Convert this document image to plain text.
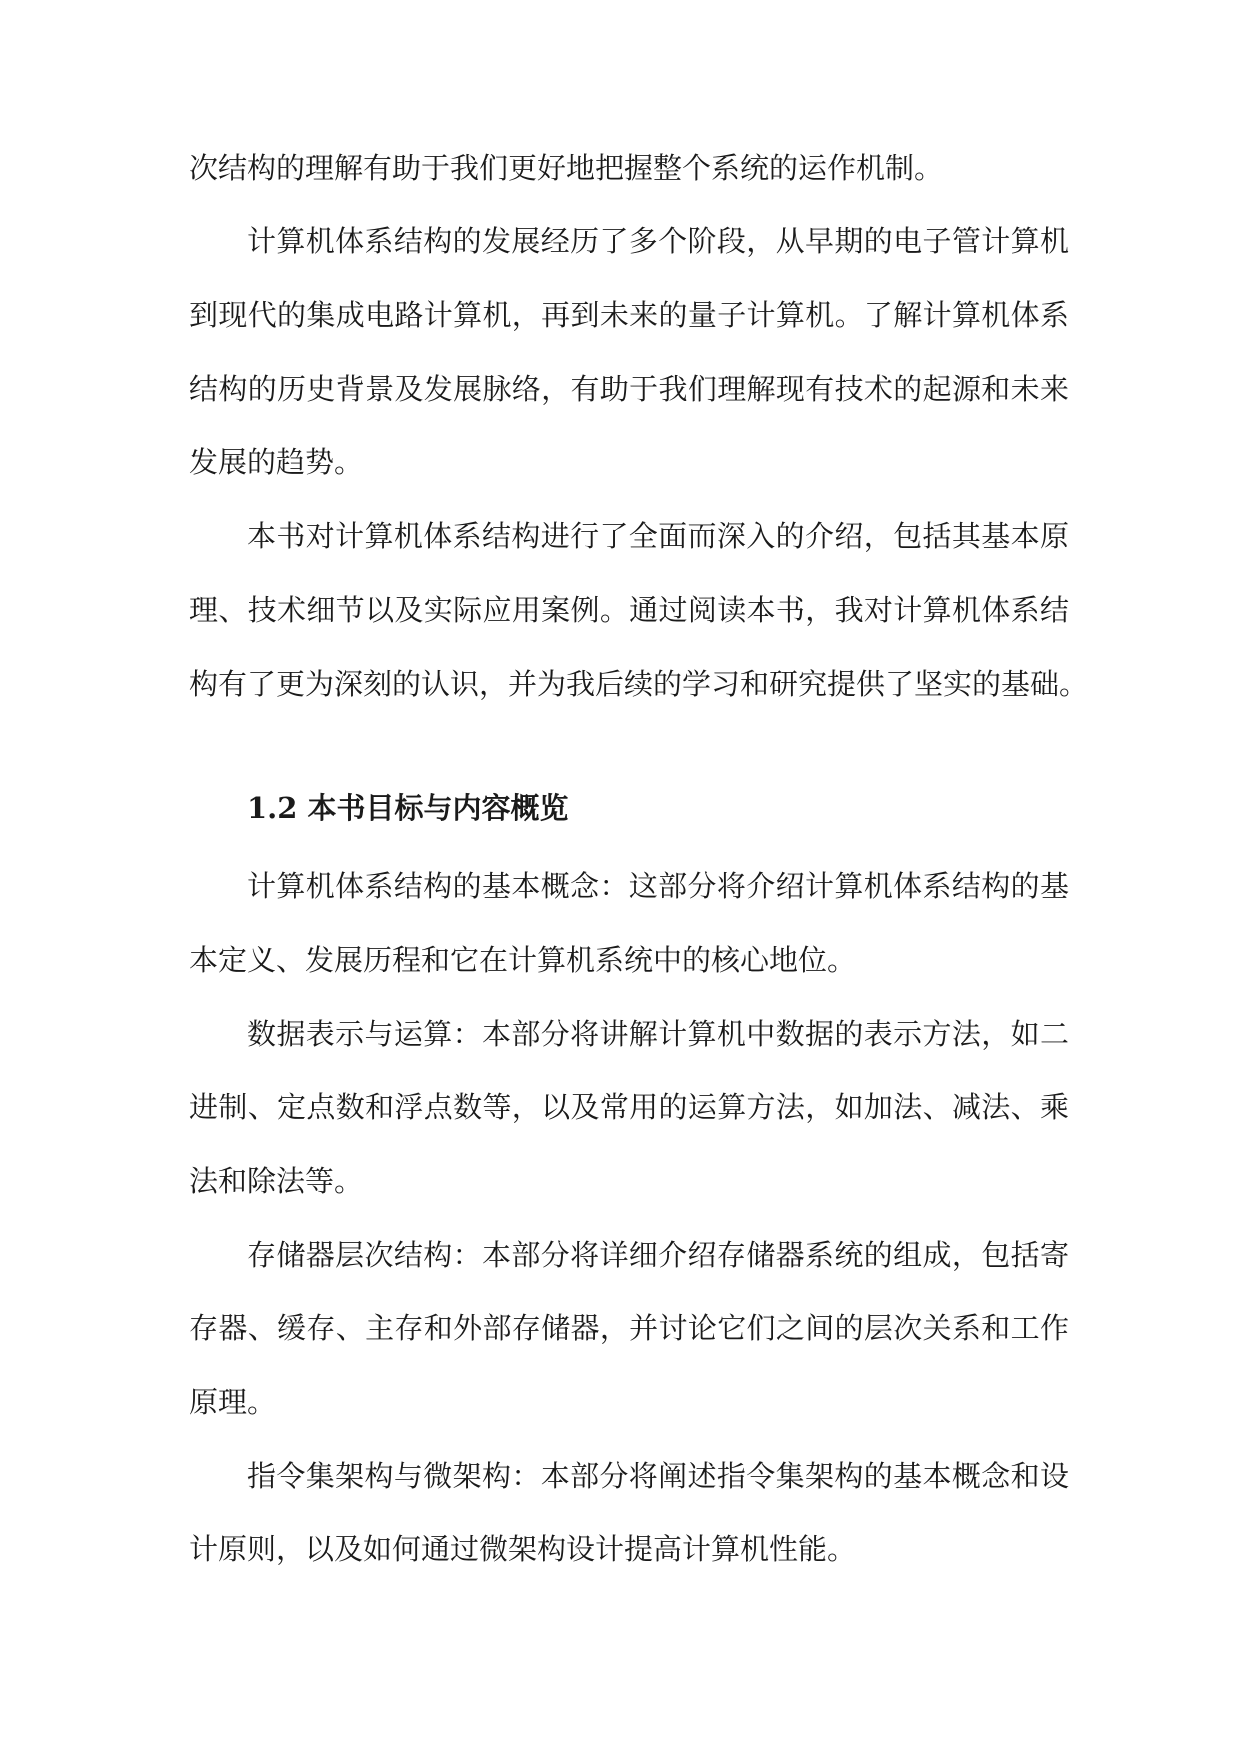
次结构的理解有助于我们更好地把握整个系统的运作机制。
计算机体系结构的发展经历了多个阶段，从早期的电子管计算机
到现代的集成电路计算机，再到未来的量子计算机。了解计算机体系
结构的历史背景及发展脉络，有助于我们理解现有技术的起源和未来
发展的趋势。
本书对计算机体系结构进行了全面而深入的介绍，包括其基本原
理、技术细节以及实际应用案例。通过阅读本书，我对计算机体系结
构有了更为深刻的认识，并为我后续的学习和研究提供了坚实的基础。
1.2 本书目标与内容概览
计算机体系结构的基本概念：这部分将介绍计算机体系结构的基
本定义、发展历程和它在计算机系统中的核心地位。
数据表示与运算：本部分将讲解计算机中数据的表示方法，如二
进制、定点数和浮点数等，以及常用的运算方法，如加法、减法、乘
法和除法等。
存储器层次结构：本部分将详细介绍存储器系统的组成，包括寄
存器、缓存、主存和外部存储器，并讨论它们之间的层次关系和工作
原理。
指令集架构与微架构：本部分将阐述指令集架构的基本概念和设
计原则，以及如何通过微架构设计提高计算机性能。
